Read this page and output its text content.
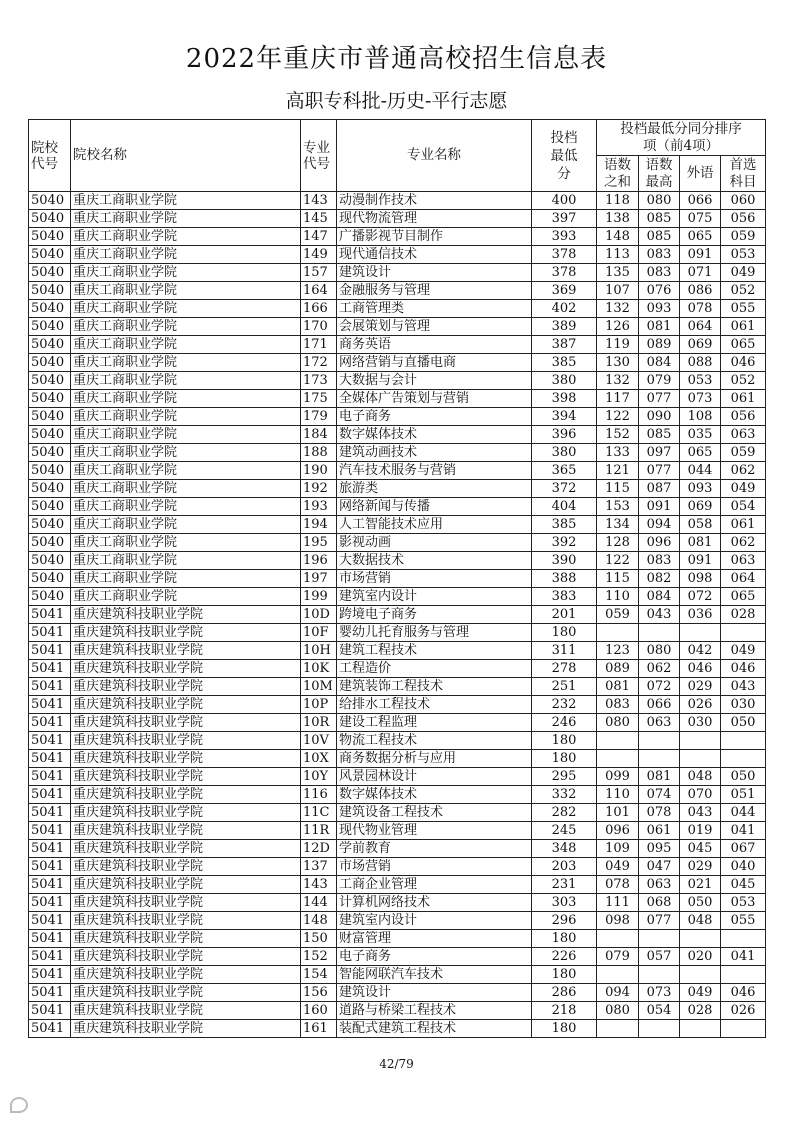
2022年重庆市普通高校招生信息表
高职专科批-历史-平行志愿
院校代号	院校名称	专业代号	专业名称	投档最低分	投档最低分同分排序项（前4项）			
					语数之和	语数最高	外语	首选科目
5040	重庆工商职业学院	143	动漫制作技术	400	118	080	066	060
5040	重庆工商职业学院	145	现代物流管理	397	138	085	075	056
5040	重庆工商职业学院	147	广播影视节目制作	393	148	085	065	059
5040	重庆工商职业学院	149	现代通信技术	378	113	083	091	053
5040	重庆工商职业学院	157	建筑设计	378	135	083	071	049
5040	重庆工商职业学院	164	金融服务与管理	369	107	076	086	052
5040	重庆工商职业学院	166	工商管理类	402	132	093	078	055
5040	重庆工商职业学院	170	会展策划与管理	389	126	081	064	061
5040	重庆工商职业学院	171	商务英语	387	119	089	069	065
5040	重庆工商职业学院	172	网络营销与直播电商	385	130	084	088	046
5040	重庆工商职业学院	173	大数据与会计	380	132	079	053	052
5040	重庆工商职业学院	175	全媒体广告策划与营销	398	117	077	073	061
5040	重庆工商职业学院	179	电子商务	394	122	090	108	056
5040	重庆工商职业学院	184	数字媒体技术	396	152	085	035	063
5040	重庆工商职业学院	188	建筑动画技术	380	133	097	065	059
5040	重庆工商职业学院	190	汽车技术服务与营销	365	121	077	044	062
5040	重庆工商职业学院	192	旅游类	372	115	087	093	049
5040	重庆工商职业学院	193	网络新闻与传播	404	153	091	069	054
5040	重庆工商职业学院	194	人工智能技术应用	385	134	094	058	061
5040	重庆工商职业学院	195	影视动画	392	128	096	081	062
5040	重庆工商职业学院	196	大数据技术	390	122	083	091	063
5040	重庆工商职业学院	197	市场营销	388	115	082	098	064
5040	重庆工商职业学院	199	建筑室内设计	383	110	084	072	065
5041	重庆建筑科技职业学院	10D	跨境电子商务	201	059	043	036	028
5041	重庆建筑科技职业学院	10F	婴幼儿托育服务与管理	180				
5041	重庆建筑科技职业学院	10H	建筑工程技术	311	123	080	042	049
5041	重庆建筑科技职业学院	10K	工程造价	278	089	062	046	046
5041	重庆建筑科技职业学院	10M	建筑装饰工程技术	251	081	072	029	043
5041	重庆建筑科技职业学院	10P	给排水工程技术	232	083	066	026	030
5041	重庆建筑科技职业学院	10R	建设工程监理	246	080	063	030	050
5041	重庆建筑科技职业学院	10V	物流工程技术	180				
5041	重庆建筑科技职业学院	10X	商务数据分析与应用	180				
5041	重庆建筑科技职业学院	10Y	风景园林设计	295	099	081	048	050
5041	重庆建筑科技职业学院	116	数字媒体技术	332	110	074	070	051
5041	重庆建筑科技职业学院	11C	建筑设备工程技术	282	101	078	043	044
5041	重庆建筑科技职业学院	11R	现代物业管理	245	096	061	019	041
5041	重庆建筑科技职业学院	12D	学前教育	348	109	095	045	067
5041	重庆建筑科技职业学院	137	市场营销	203	049	047	029	040
5041	重庆建筑科技职业学院	143	工商企业管理	231	078	063	021	045
5041	重庆建筑科技职业学院	144	计算机网络技术	303	111	068	050	053
5041	重庆建筑科技职业学院	148	建筑室内设计	296	098	077	048	055
5041	重庆建筑科技职业学院	150	财富管理	180				
5041	重庆建筑科技职业学院	152	电子商务	226	079	057	020	041
5041	重庆建筑科技职业学院	154	智能网联汽车技术	180				
5041	重庆建筑科技职业学院	156	建筑设计	286	094	073	049	046
5041	重庆建筑科技职业学院	160	道路与桥梁工程技术	218	080	054	028	026
5041	重庆建筑科技职业学院	161	装配式建筑工程技术	180				
42/79
